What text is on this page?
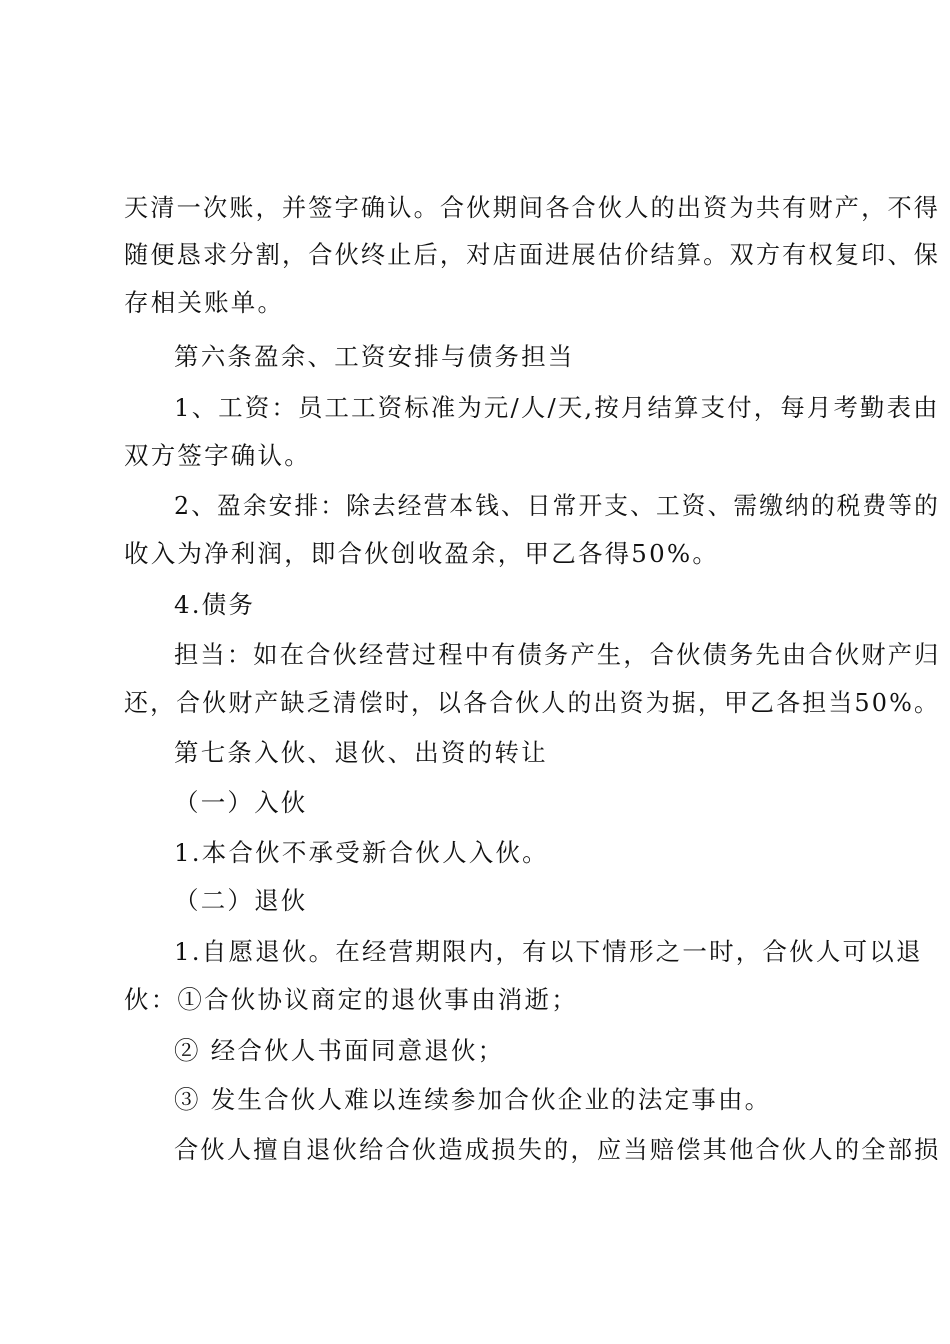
天清一次账，并签字确认。合伙期间各合伙人的出资为共有财产，不得

随便恳求分割，合伙终止后，对店面进展估价结算。双方有权复印、保

存相关账单。

第六条盈余、工资安排与债务担当

1、工资：员工工资标准为元/人/天,按月结算支付，每月考勤表由

双方签字确认。

2、盈余安排：除去经营本钱、日常开支、工资、需缴纳的税费等的

收入为净利润，即合伙创收盈余，甲乙各得50%。

4.债务

担当：如在合伙经营过程中有债务产生，合伙债务先由合伙财产归

还，合伙财产缺乏清偿时，以各合伙人的出资为据，甲乙各担当50%。

第七条入伙、退伙、出资的转让

（一）入伙

1.本合伙不承受新合伙人入伙。

（二）退伙

1.自愿退伙。在经营期限内，有以下情形之一时，合伙人可以退

伙：①合伙协议商定的退伙事由消逝；

② 经合伙人书面同意退伙；

③ 发生合伙人难以连续参加合伙企业的法定事由。

合伙人擅自退伙给合伙造成损失的，应当赔偿其他合伙人的全部损
